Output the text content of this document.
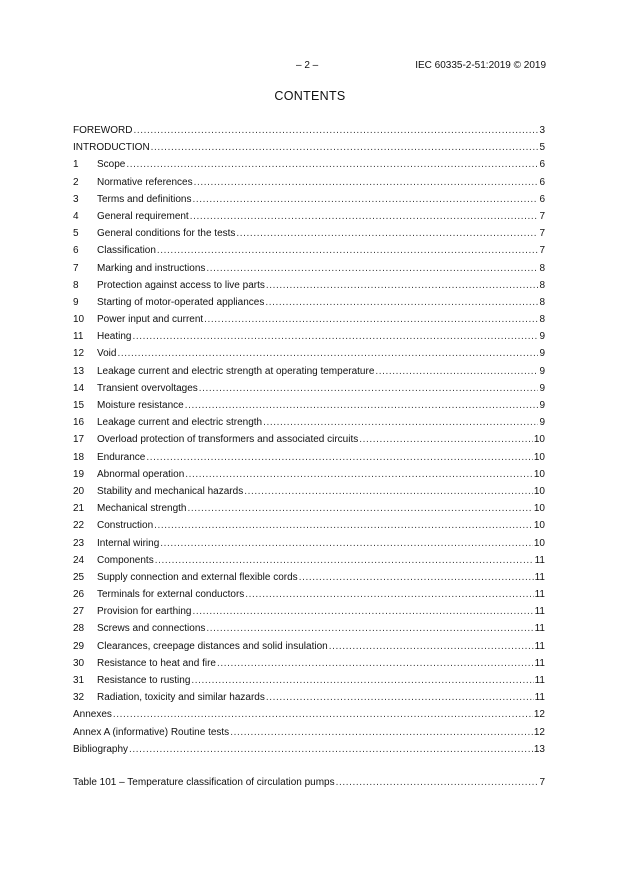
– 2 –	IEC 60335-2-51:2019 © 2019
CONTENTS
FOREWORD .....	3
INTRODUCTION .....	5
1	Scope .....	6
2	Normative references .....	6
3	Terms and definitions .....	6
4	General requirement .....	7
5	General conditions for the tests .....	7
6	Classification .....	7
7	Marking and instructions .....	8
8	Protection against access to live parts .....	8
9	Starting of motor-operated appliances .....	8
10	Power input and current .....	8
11	Heating .....	9
12	Void .....	9
13	Leakage current and electric strength at operating temperature .....	9
14	Transient overvoltages .....	9
15	Moisture resistance .....	9
16	Leakage current and electric strength .....	9
17	Overload protection of transformers and associated circuits .....	10
18	Endurance .....	10
19	Abnormal operation .....	10
20	Stability and mechanical hazards .....	10
21	Mechanical strength .....	10
22	Construction .....	10
23	Internal wiring .....	10
24	Components .....	11
25	Supply connection and external flexible cords .....	11
26	Terminals for external conductors .....	11
27	Provision for earthing .....	11
28	Screws and connections .....	11
29	Clearances, creepage distances and solid insulation .....	11
30	Resistance to heat and fire .....	11
31	Resistance to rusting .....	11
32	Radiation, toxicity and similar hazards .....	11
Annexes .....	12
Annex A (informative) Routine tests .....	12
Bibliography .....	13
Table 101 – Temperature classification of circulation pumps .....	7
